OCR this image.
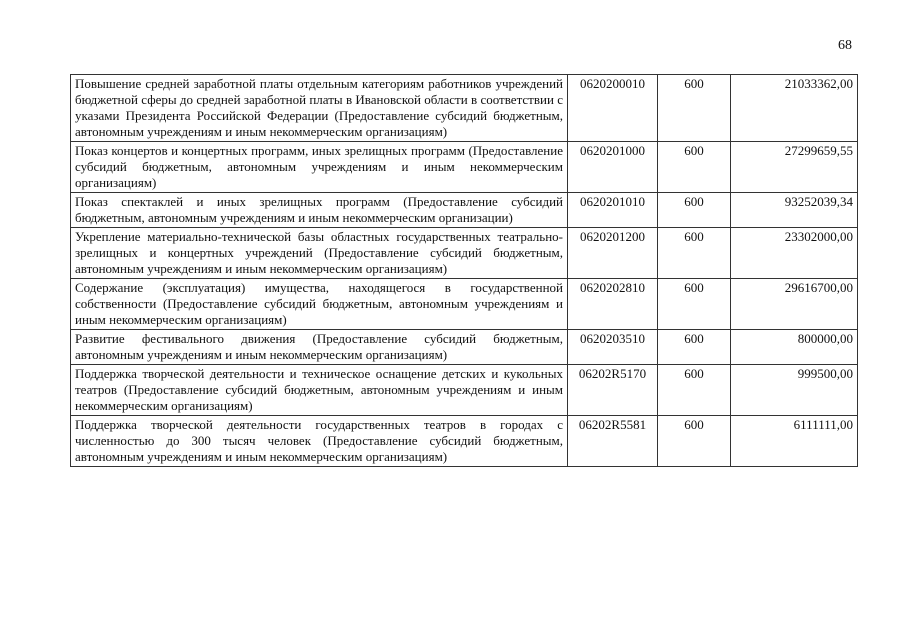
68
Повышение средней заработной платы отдельным категориям работников учреждений бюджетной сферы до средней заработной платы в Ивановской области в соответствии с указами Президента Российской Федерации (Предоставление субсидий бюджетным, автономным учреждениям и иным некоммерческим организациям)	0620200010	600	21033362,00
Показ концертов и концертных программ, иных зрелищных программ (Предоставление субсидий бюджетным, автономным учреждениям и иным некоммерческим организациям)	0620201000	600	27299659,55
Показ спектаклей и иных зрелищных программ (Предоставление субсидий бюджетным, автономным учреждениям и иным некоммерческим организации)	0620201010	600	93252039,34
Укрепление материально-технической базы областных государственных театрально-зрелищных и концертных учреждений (Предоставление субсидий бюджетным, автономным учреждениям и иным некоммерческим организациям)	0620201200	600	23302000,00
Содержание (эксплуатация) имущества, находящегося в государственной собственности (Предоставление субсидий бюджетным, автономным учреждениям и иным некоммерческим организациям)	0620202810	600	29616700,00
Развитие фестивального движения (Предоставление субсидий бюджетным, автономным учреждениям и иным некоммерческим организациям)	0620203510	600	800000,00
Поддержка творческой деятельности и техническое оснащение детских и кукольных театров (Предоставление субсидий бюджетным, автономным учреждениям и иным некоммерческим организациям)	06202R5170	600	999500,00
Поддержка творческой деятельности государственных театров в городах с численностью до 300 тысяч человек (Предоставление субсидий бюджетным, автономным учреждениям и иным некоммерческим организациям)	06202R5581	600	6111111,00
